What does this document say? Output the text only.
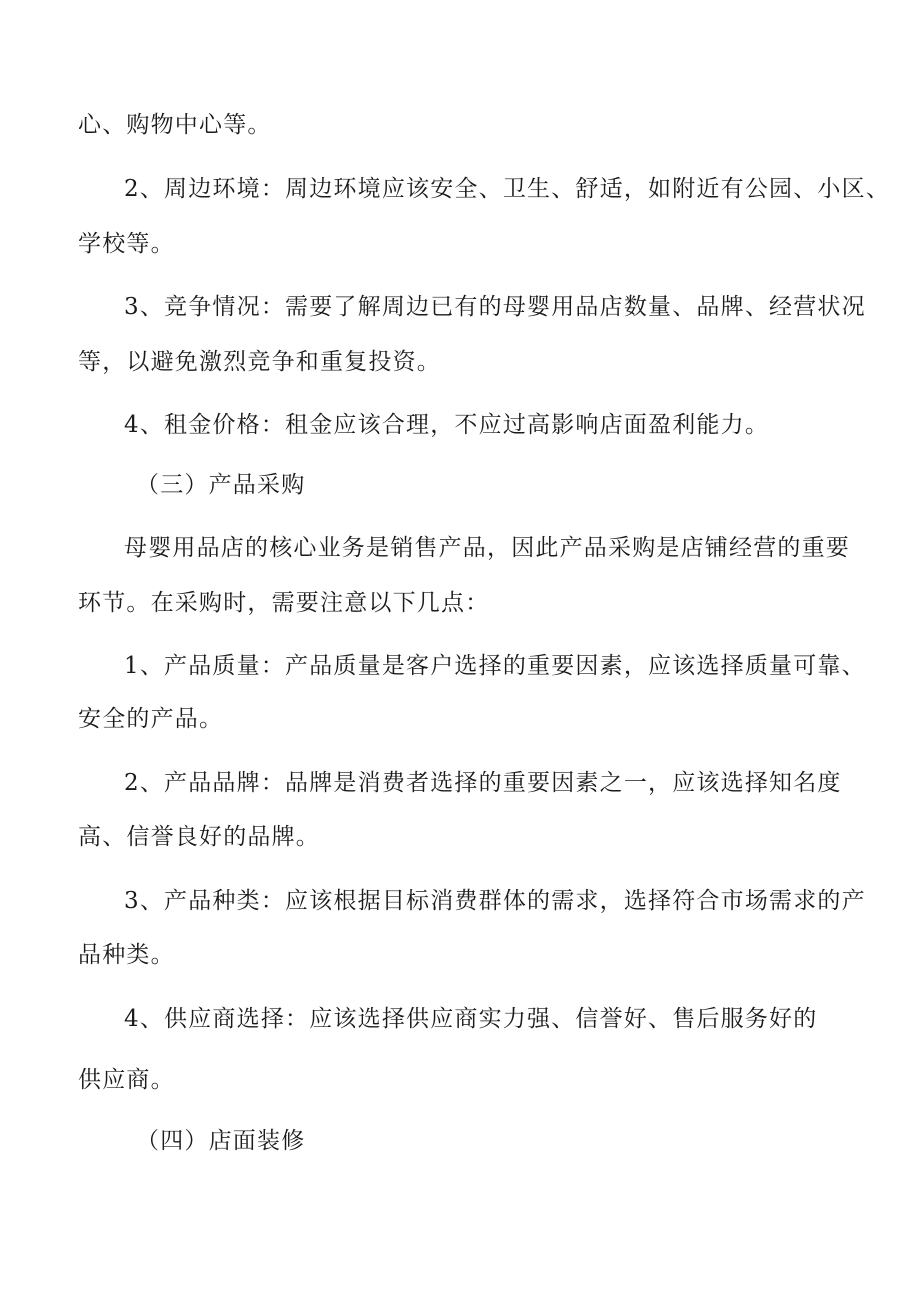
心、购物中心等。
2、周边环境：周边环境应该安全、卫生、舒适，如附近有公园、小区、
学校等。
3、竞争情况：需要了解周边已有的母婴用品店数量、品牌、经营状况
等，以避免激烈竞争和重复投资。
4、租金价格：租金应该合理，不应过高影响店面盈利能力。
（三）产品采购
母婴用品店的核心业务是销售产品，因此产品采购是店铺经营的重要
环节。在采购时，需要注意以下几点：
1、产品质量：产品质量是客户选择的重要因素，应该选择质量可靠、
安全的产品。
2、产品品牌：品牌是消费者选择的重要因素之一，应该选择知名度
高、信誉良好的品牌。
3、产品种类：应该根据目标消费群体的需求，选择符合市场需求的产
品种类。
4、供应商选择：应该选择供应商实力强、信誉好、售后服务好的
供应商。
（四）店面装修
